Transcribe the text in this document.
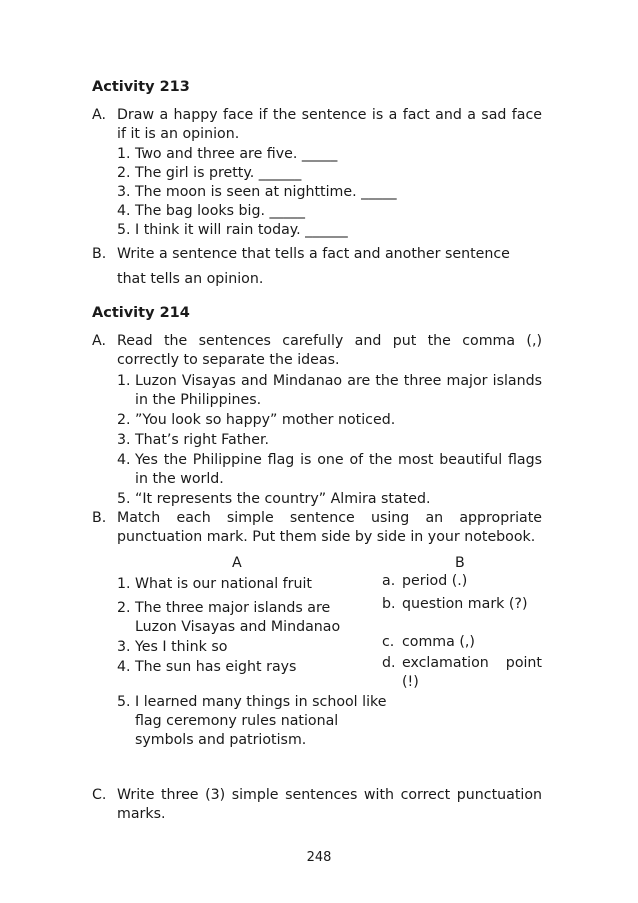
Activity 213
A. Draw a happy face if the sentence is a fact and a sad face if it is an opinion.
1. Two and three are five. _____
2. The girl is pretty. ______
3. The moon is seen at nighttime. _____
4. The bag looks big. _____
5. I think it will rain today. ______
B. Write a sentence that tells a fact and another sentence
that tells an opinion.
Activity 214
A. Read the sentences carefully and put the comma (,) correctly to separate the ideas.
1. Luzon Visayas and Mindanao are the three major islands in the Philippines.
2. ”You look so happy” mother noticed.
3. That’s right Father.
4. Yes the Philippine flag is one of the most beautiful flags in the world.
5. “It represents the country” Almira stated.
B. Match each simple sentence using an appropriate punctuation mark. Put them side by side in your notebook.
A	B
1. What is our national fruit
2. The three major islands are Luzon Visayas and Mindanao
3. Yes I think so
4. The sun has eight rays
5. I learned many things in school like flag ceremony rules national symbols and patriotism.
a. period (.)
b. question mark (?)
c. comma (,)
d. exclamation point (!)
C. Write three (3) simple sentences with correct punctuation marks.
248
